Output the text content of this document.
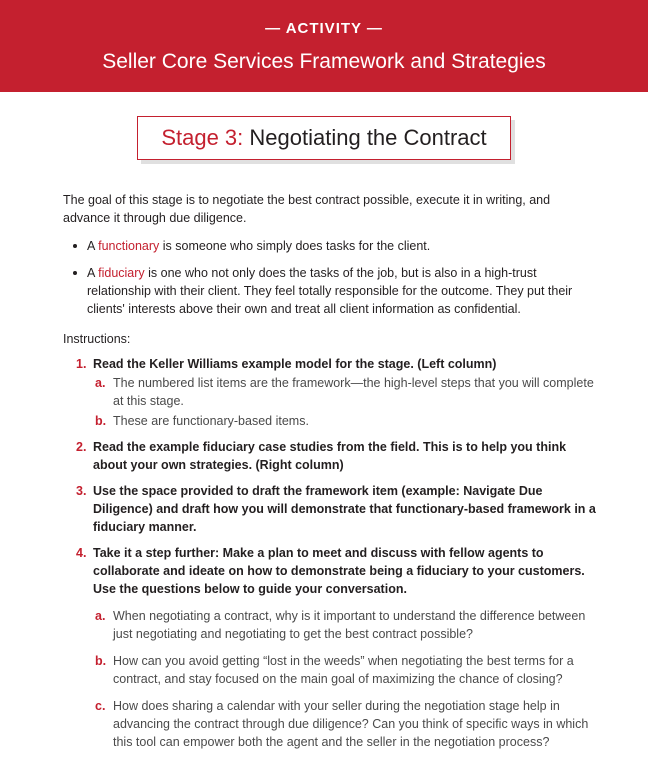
— ACTIVITY —
Seller Core Services Framework and Strategies
Stage 3: Negotiating the Contract

The goal of this stage is to negotiate the best contract possible, execute it in writing, and advance it through due diligence.

A functionary is someone who simply does tasks for the client.
A fiduciary is one who not only does the tasks of the job, but is also in a high-trust relationship with their client. They feel totally responsible for the outcome. They put their clients' interests above their own and treat all client information as confidential.

Instructions:

1. Read the Keller Williams example model for the stage. (Left column)
a. The numbered list items are the framework—the high-level steps that you will complete at this stage.
b. These are functionary-based items.
2. Read the example fiduciary case studies from the field. This is to help you think about your own strategies. (Right column)
3. Use the space provided to draft the framework item (example: Navigate Due Diligence) and draft how you will demonstrate that functionary-based framework in a fiduciary manner.
4. Take it a step further: Make a plan to meet and discuss with fellow agents to collaborate and ideate on how to demonstrate being a fiduciary to your customers. Use the questions below to guide your conversation.
a. When negotiating a contract, why is it important to understand the difference between just negotiating and negotiating to get the best contract possible?
b. How can you avoid getting “lost in the weeds” when negotiating the best terms for a contract, and stay focused on the main goal of maximizing the chance of closing?
c. How does sharing a calendar with your seller during the negotiation stage help in advancing the contract through due diligence? Can you think of specific ways in which this tool can empower both the agent and the seller in the negotiation process?
